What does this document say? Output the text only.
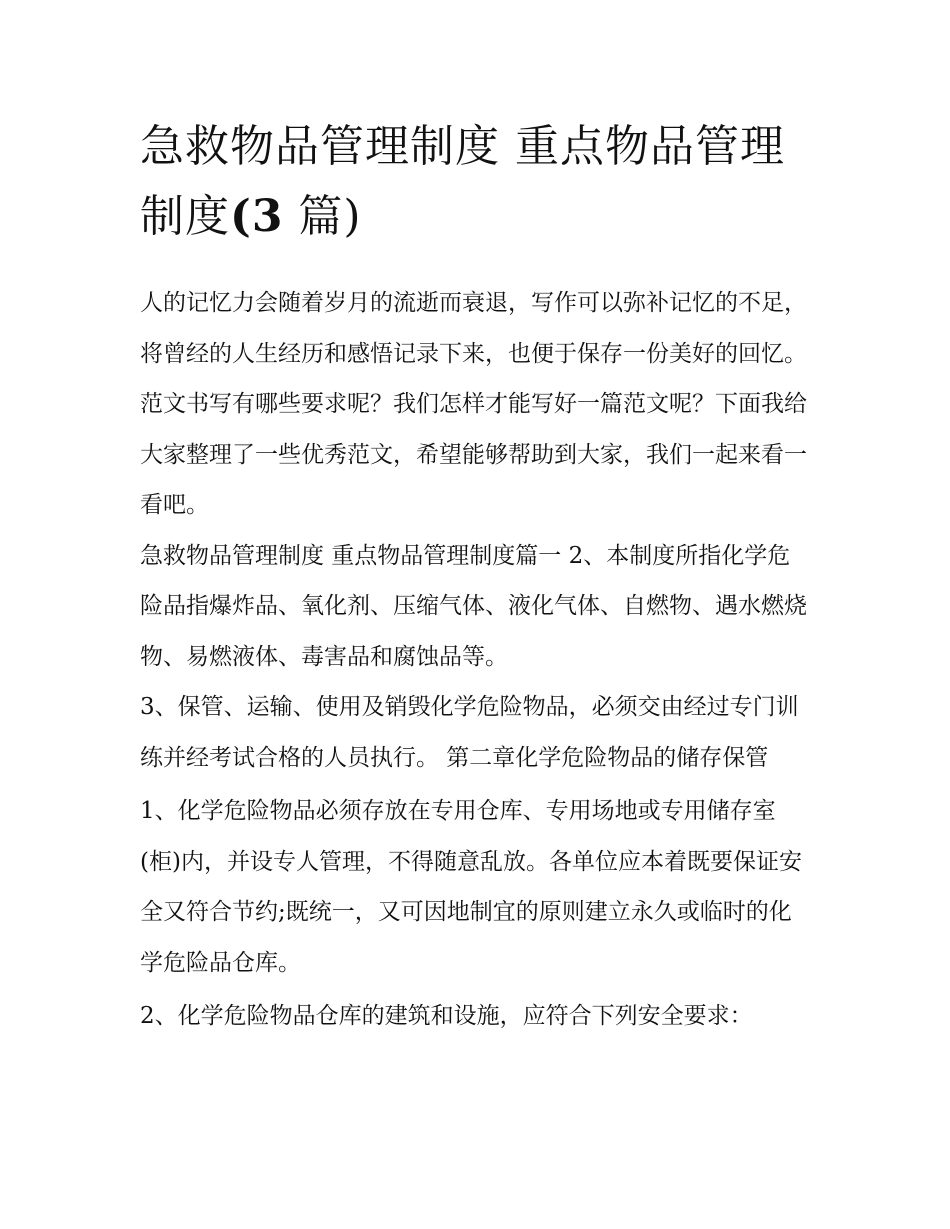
急救物品管理制度 重点物品管理制度(3 篇)

人的记忆力会随着岁月的流逝而衰退，写作可以弥补记忆的不足，将曾经的人生经历和感悟记录下来，也便于保存一份美好的回忆。范文书写有哪些要求呢？我们怎样才能写好一篇范文呢？下面我给大家整理了一些优秀范文，希望能够帮助到大家，我们一起来看一看吧。

急救物品管理制度 重点物品管理制度篇一 2、本制度所指化学危险品指爆炸品、氧化剂、压缩气体、液化气体、自燃物、遇水燃烧物、易燃液体、毒害品和腐蚀品等。

3、保管、运输、使用及销毁化学危险物品，必须交由经过专门训练并经考试合格的人员执行。 第二章化学危险物品的储存保管

1、化学危险物品必须存放在专用仓库、专用场地或专用储存室(柜)内，并设专人管理，不得随意乱放。各单位应本着既要保证安全又符合节约;既统一，又可因地制宜的原则建立永久或临时的化学危险品仓库。

2、化学危险物品仓库的建筑和设施，应符合下列安全要求：
